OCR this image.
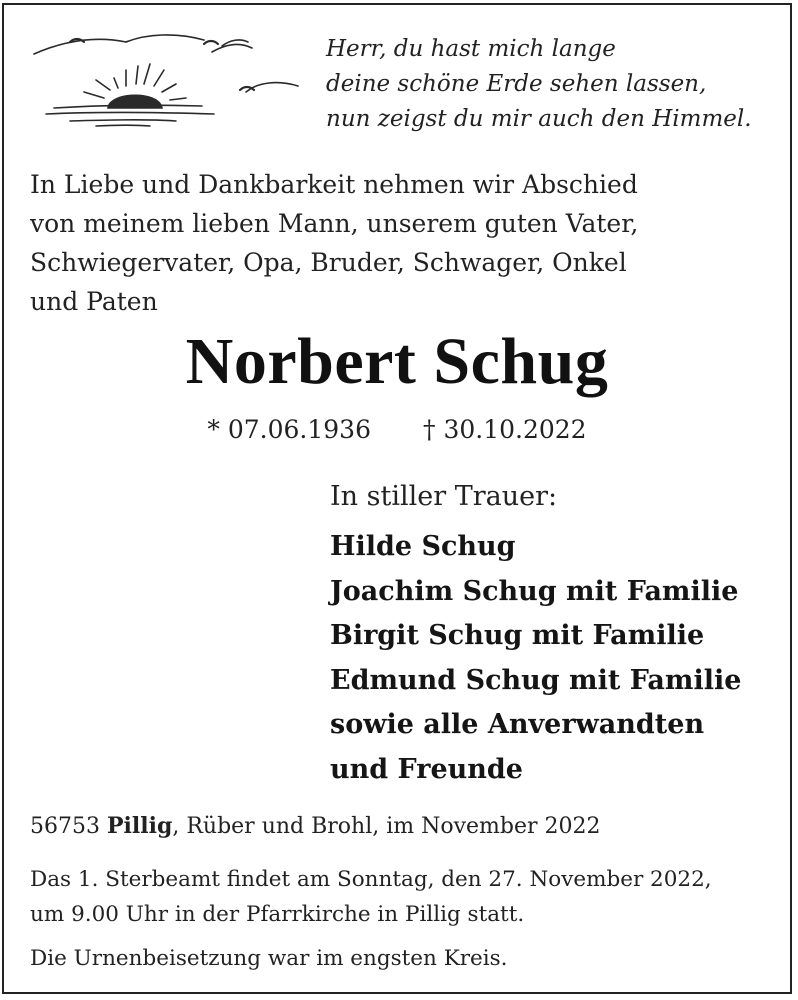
Herr, du hast mich lange
deine schöne Erde sehen lassen,
nun zeigst du mir auch den Himmel.
In Liebe und Dankbarkeit nehmen wir Abschied
von meinem lieben Mann, unserem guten Vater,
Schwiegervater, Opa, Bruder, Schwager, Onkel
und Paten
Norbert Schug
* 07.06.1936 † 30.10.2022
In stiller Trauer:
Hilde Schug
Joachim Schug mit Familie
Birgit Schug mit Familie
Edmund Schug mit Familie
sowie alle Anverwandten
und Freunde
56753 Pillig, Rüber und Brohl, im November 2022
Das 1. Sterbeamt findet am Sonntag, den 27. November 2022,
um 9.00 Uhr in der Pfarrkirche in Pillig statt.
Die Urnenbeisetzung war im engsten Kreis.
